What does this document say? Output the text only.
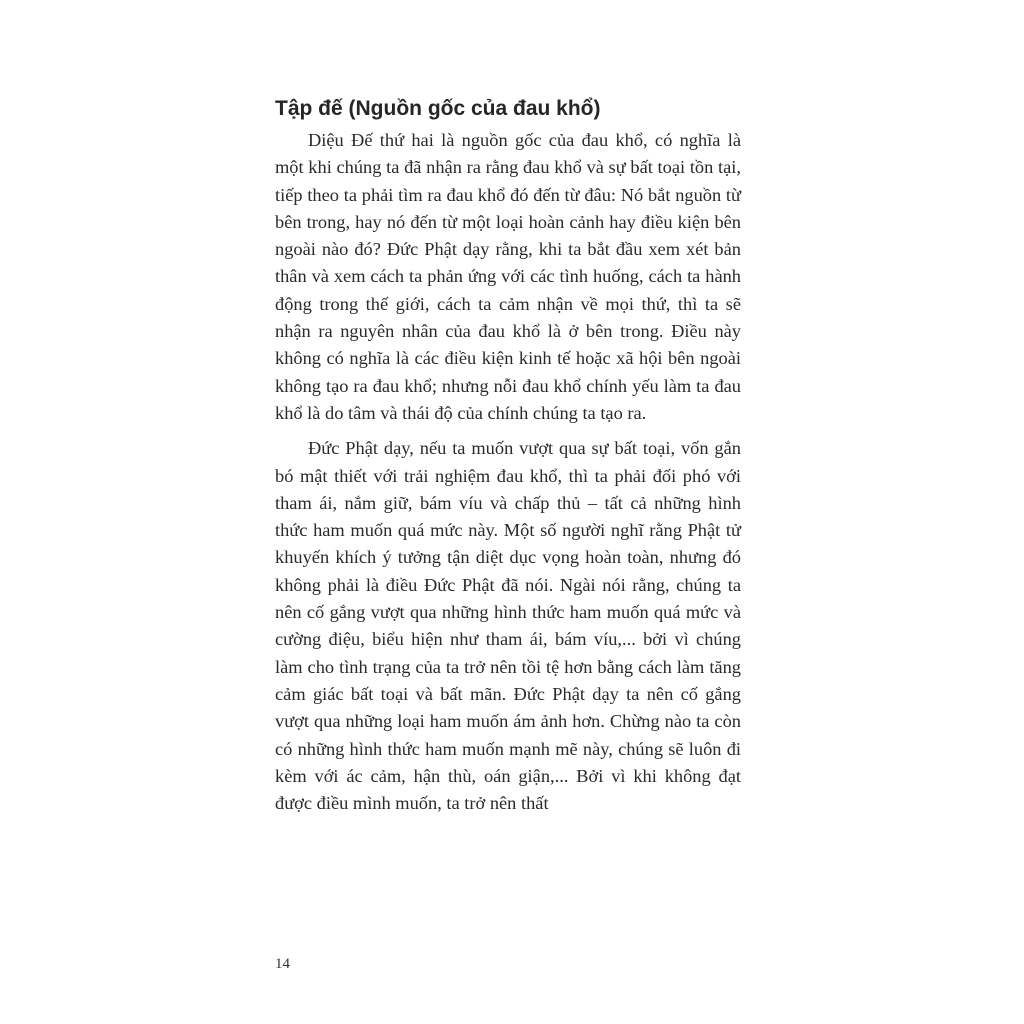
Tập đế (Nguồn gốc của đau khổ)

Diệu Đế thứ hai là nguồn gốc của đau khổ, có nghĩa là một khi chúng ta đã nhận ra rằng đau khổ và sự bất toại tồn tại, tiếp theo ta phải tìm ra đau khổ đó đến từ đâu: Nó bắt nguồn từ bên trong, hay nó đến từ một loại hoàn cảnh hay điều kiện bên ngoài nào đó? Đức Phật dạy rằng, khi ta bắt đầu xem xét bản thân và xem cách ta phản ứng với các tình huống, cách ta hành động trong thế giới, cách ta cảm nhận về mọi thứ, thì ta sẽ nhận ra nguyên nhân của đau khổ là ở bên trong. Điều này không có nghĩa là các điều kiện kinh tế hoặc xã hội bên ngoài không tạo ra đau khổ; nhưng nỗi đau khổ chính yếu làm ta đau khổ là do tâm và thái độ của chính chúng ta tạo ra.

Đức Phật dạy, nếu ta muốn vượt qua sự bất toại, vốn gắn bó mật thiết với trải nghiệm đau khổ, thì ta phải đối phó với tham ái, nắm giữ, bám víu và chấp thủ – tất cả những hình thức ham muốn quá mức này. Một số người nghĩ rằng Phật tử khuyến khích ý tưởng tận diệt dục vọng hoàn toàn, nhưng đó không phải là điều Đức Phật đã nói. Ngài nói rằng, chúng ta nên cố gắng vượt qua những hình thức ham muốn quá mức và cường điệu, biểu hiện như tham ái, bám víu,... bởi vì chúng làm cho tình trạng của ta trở nên tồi tệ hơn bằng cách làm tăng cảm giác bất toại và bất mãn. Đức Phật dạy ta nên cố gắng vượt qua những loại ham muốn ám ảnh hơn. Chừng nào ta còn có những hình thức ham muốn mạnh mẽ này, chúng sẽ luôn đi kèm với ác cảm, hận thù, oán giận,... Bởi vì khi không đạt được điều mình muốn, ta trở nên thất

14
